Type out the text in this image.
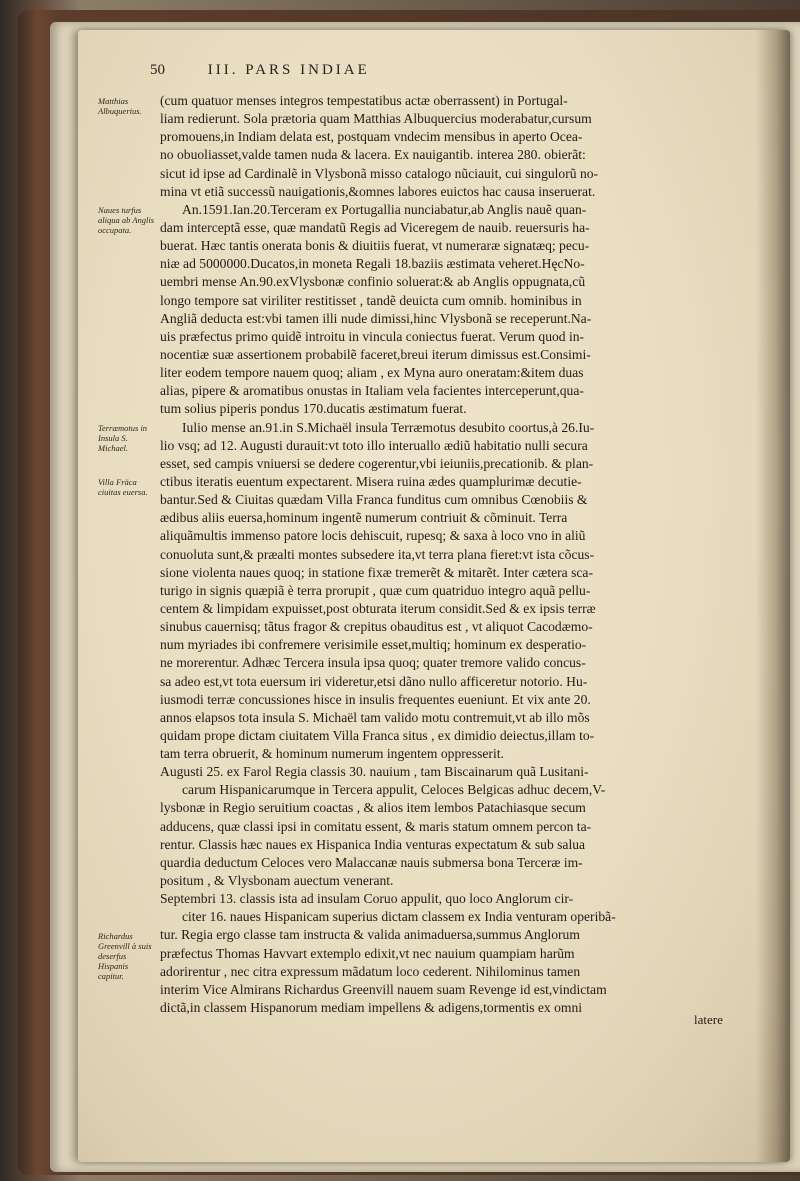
50	III. PARS INDIAE
Matthias Albuquerius.
Naues turfus aliqua ab Anglis occupata.
Terræmotus in Insula S. Michael.
Villa Fräca ciuitas euersa.
Richardus Greenvill à suis deserfus Hispanis capitur.
(cum quatuor menses integros tempestatibus actæ oberrassent) in Portugal-
liam redierunt. Sola prætoria quam Matthias Albuquercius moderabatur,cursum
promouens,in Indiam delata est, postquam vndecim mensibus in aperto Ocea-
no obuoliasset,valde tamen nuda & lacera. Ex nauigantib. interea 280. obierãt:
sicut id ipse ad Cardinalẽ in Vlysbonã misso catalogo nũciauit, cui singulorũ no-
mina vt etiã successũ nauigationis,&omnes labores euictos hac causa inseruerat.
An.1591.Ian.20.Terceram ex Portugallia nunciabatur,ab Anglis nauẽ quan-
dam interceptã esse, quæ mandatũ Regis ad Viceregem de nauib. reuersuris ha-
buerat. Hæc tantis onerata bonis & diuitiis fuerat, vt numeraræ signatæq; pecu-
niæ ad 5000000.Ducatos,in moneta Regali 18.baziis æstimata veheret.HęcNo-
uembri mense An.90.exVlysbonæ confinio soluerat:& ab Anglis oppugnata,cũ
longo tempore sat viriliter restitisset , tandẽ deuicta cum omnib. hominibus in
Angliã deducta est:vbi tamen illi nude dimissi,hinc Vlysbonã se receperunt.Na-
uis præfectus primo quidẽ introitu in vincula coniectus fuerat. Verum quod in-
nocentiæ suæ assertionem probabilẽ faceret,breui iterum dimissus est.Consimi-
liter eodem tempore nauem quoq; aliam , ex Myna auro oneratam:&item duas
alias, pipere & aromatibus onustas in Italiam vela facientes interceperunt,qua-
tum solius piperis pondus 170.ducatis æstimatum fuerat.
Iulio mense an.91.in S.Michaël insula Terræmotus desubito coortus,à 26.Iu-
lio vsq; ad 12. Augusti durauit:vt toto illo interuallo ædiũ habitatio nulli secura
esset, sed campis vniuersi se dedere cogerentur,vbi ieiuniis,precationib. & plan-
ctibus iteratis euentum expectarent. Misera ruina ædes quamplurimæ decutie-
bantur.Sed & Ciuitas quædam Villa Franca funditus cum omnibus Cœnobiis &
ædibus aliis euersa,hominum ingentẽ numerum contriuit & cõminuit. Terra
aliquãmultis immenso patore locis dehiscuit, rupesq; & saxa à loco vno in aliũ
conuoluta sunt,& præalti montes subsedere ita,vt terra plana fieret:vt ista cõcus-
sione violenta naues quoq; in statione fixæ tremerẽt & mitarẽt. Inter cætera sca-
turigo in signis quæpiã è terra prorupit , quæ cum quatriduo integro aquã pellu-
centem & limpidam expuisset,post obturata iterum considit.Sed & ex ipsis terræ
sinubus cauernisq; tãtus fragor & crepitus obauditus est , vt aliquot Cacodæmo-
num myriades ibi confremere verisimile esset,multiq; hominum ex desperatio-
ne morerentur. Adhæc Tercera insula ipsa quoq; quater tremore valido concus-
sa adeo est,vt tota euersum iri videretur,etsi dãno nullo afficeretur notorio. Hu-
iusmodi terræ concussiones hisce in insulis frequentes eueniunt. Et vix ante 20.
annos elapsos tota insula S. Michaël tam valido motu contremuit,vt ab illo mõs
quidam prope dictam ciuitatem Villa Franca situs , ex dimidio deiectus,illam to-
tam terra obruerit, & hominum numerum ingentem oppresserit.
Augusti 25. ex Farol Regia classis 30. nauium , tam Biscainarum quã Lusitani-
carum Hispanicarumque in Tercera appulit, Celoces Belgicas adhuc decem,V-
lysbonæ in Regio seruitium coactas , & alios item lembos Patachiasque secum
adducens, quæ classi ipsi in comitatu essent, & maris statum omnem percon ta-
rentur. Classis hæc naues ex Hispanica India venturas expectatum & sub salua
quardia deductum Celoces vero Malaccanæ nauis submersa bona Terceræ im-
positum , & Vlysbonam auectum venerant.
Septembri 13. classis ista ad insulam Coruo appulit, quo loco Anglorum cir-
citer 16. naues Hispanicam superius dictam classem ex India venturam operibã-
tur. Regia ergo classe tam instructa & valida animaduersa,summus Anglorum
præfectus Thomas Havvart extemplo edixit,vt nec nauium quampiam harũm
adorirentur , nec citra expressum mãdatum loco cederent. Nihilominus tamen
interim Vice Almirans Richardus Greenvill nauem suam Revenge id est,vindictam
dictã,in classem Hispanorum mediam impellens & adigens,tormentis ex omni
latere
